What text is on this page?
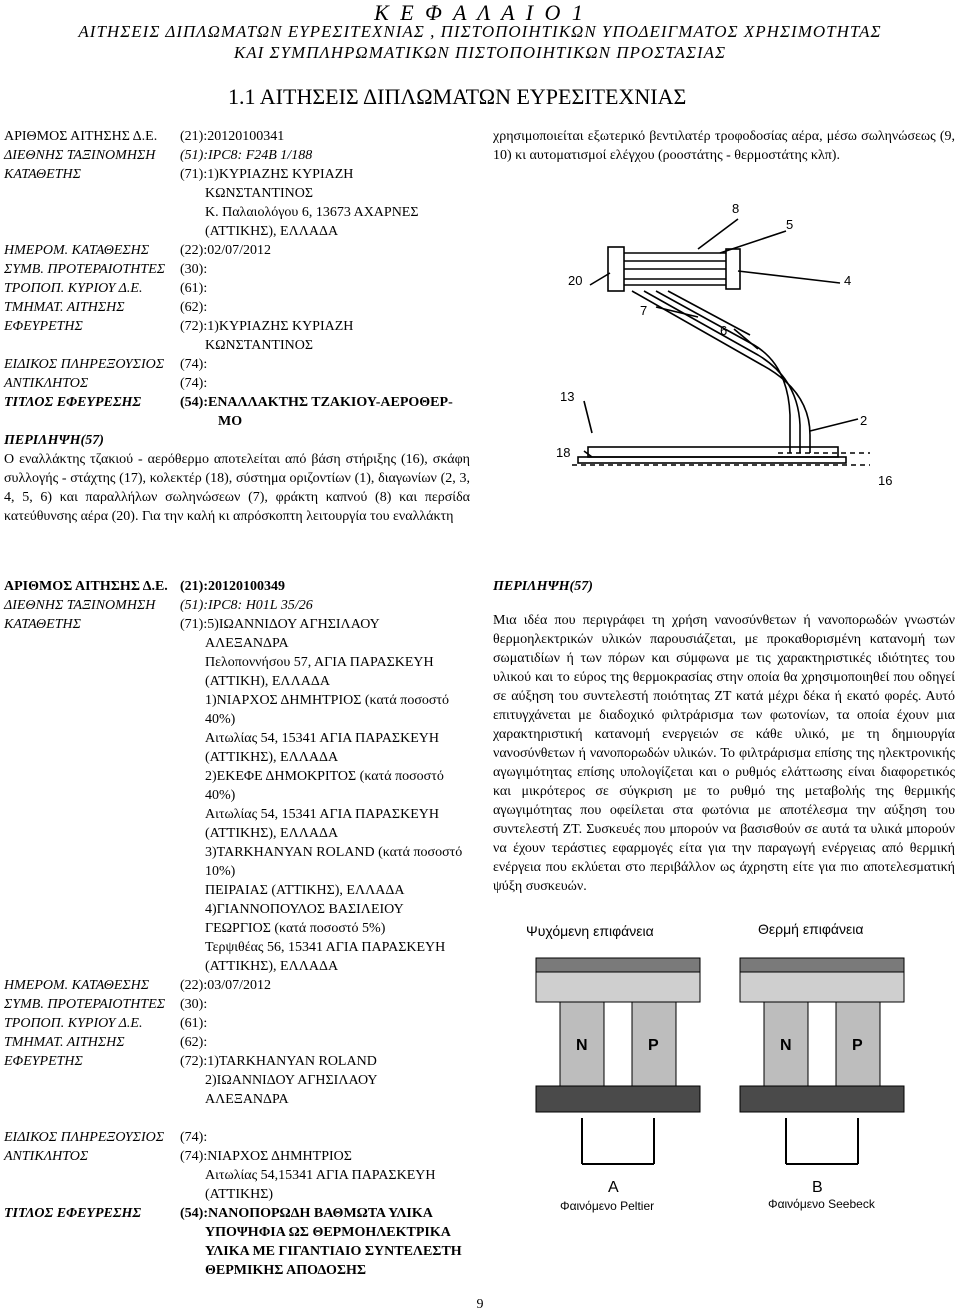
Κ Ε Φ Α Λ Α Ι Ο 1
ΑΙΤΗΣΕΙΣ ΔΙΠΛΩΜΑΤΩΝ ΕΥΡΕΣΙΤΕΧΝΙΑΣ , ΠΙΣΤΟΠΟΙΗΤΙΚΩΝ ΥΠΟΔΕΙΓΜΑΤΟΣ ΧΡΗΣΙΜΟΤΗΤΑΣ
ΚΑΙ ΣΥΜΠΛΗΡΩΜΑΤΙΚΩΝ ΠΙΣΤΟΠΟΙΗΤΙΚΩΝ ΠΡΟΣΤΑΣΙΑΣ
1.1 ΑΙΤΗΣΕΙΣ ΔΙΠΛΩΜΑΤΩΝ ΕΥΡΕΣΙΤΕΧΝΙΑΣ
ΑΡΙΘΜΟΣ ΑΙΤΗΣΗΣ Δ.Ε. (21):20120100341
ΔΙΕΘΝΗΣ ΤΑΞΙΝΟΜΗΣΗ (51):IPC8: F24B 1/188
ΚΑΤΑΘΕΤΗΣ	(71):1)ΚΥΡΙΑΖΗΣ ΚΥΡΙΑΖΗ
ΚΩΝΣΤΑΝΤΙΝΟΣ
Κ. Παλαιολόγου 6, 13673 ΑΧΑΡΝΕΣ
(ΑΤΤΙΚΗΣ), ΕΛΛΑΔΑ
ΗΜΕΡΟΜ. ΚΑΤΑΘΕΣΗΣ (22):02/07/2012
ΣΥΜΒ. ΠΡΟΤΕΡΑΙΟΤΗΤΕΣ (30):
ΤΡΟΠΟΠ. ΚΥΡΙΟΥ Δ.Ε.	(61):
ΤΜΗΜΑΤ. ΑΙΤΗΣΗΣ	(62):
ΕΦΕΥΡΕΤΗΣ	(72):1)ΚΥΡΙΑΖΗΣ ΚΥΡΙΑΖΗ
ΚΩΝΣΤΑΝΤΙΝΟΣ
ΕΙΔΙΚΟΣ ΠΛΗΡΕΞΟΥΣΙΟΣ (74):
ΑΝΤΙΚΛΗΤΟΣ	(74):
ΤΙΤΛΟΣ ΕΦΕΥΡΕΣΗΣ	(54):ΕΝΑΛΛΑΚΤΗΣ ΤΖΑΚΙΟΥ-ΑΕΡΟΘΕΡ-
ΜΟ
ΠΕΡΙΛΗΨΗ(57)
Ο εναλλάκτης τζακιού - αερόθερμο αποτελείται από βάση στήριξης (16), σκάφη συλλογής - στάχτης (17), κολεκτέρ (18), σύστημα οριζοντίων (1), διαγωνίων (2, 3, 4, 5, 6) και παραλλήλων σωληνώσεων (7), φράκτη καπνού (8) και περσίδα κατεύθυνσης αέρα (20). Για την καλή κι απρόσκοπτη λειτουργία του εναλλάκτη
χρησιμοποιείται εξωτερικό βεντιλατέρ τροφοδοσίας αέρα, μέσω σωληνώσεως (9, 10) κι αυτοματισμοί ελέγχου (ροοστάτης - θερμοστάτης κλπ).
8
5
20	4
7
6
13
2
18
16
ΑΡΙΘΜΟΣ ΑΙΤΗΣΗΣ Δ.Ε. (21):20120100349
ΔΙΕΘΝΗΣ ΤΑΞΙΝΟΜΗΣΗ (51):IPC8: H01L 35/26
ΚΑΤΑΘΕΤΗΣ	(71):5)ΙΩΑΝΝΙΔΟΥ ΑΓΗΣΙΛΑΟΥ
ΑΛΕΞΑΝΔΡΑ
Πελοποννήσου 57, ΑΓΙΑ ΠΑΡΑΣΚΕΥΗ
(ΑΤΤΙΚΗ), ΕΛΛΑΔΑ
1)ΝΙΑΡΧΟΣ ΔΗΜΗΤΡΙΟΣ (κατά ποσοστό
40%)
Αιτωλίας 54, 15341 ΑΓΙΑ ΠΑΡΑΣΚΕΥΗ
(ΑΤΤΙΚΗΣ), ΕΛΛΑΔΑ
2)ΕΚΕΦΕ ΔΗΜΟΚΡΙΤΟΣ (κατά ποσοστό
40%)
Αιτωλίας 54, 15341 ΑΓΙΑ ΠΑΡΑΣΚΕΥΗ
(ΑΤΤΙΚΗΣ), ΕΛΛΑΔΑ
3)TARKHANYAN ROLAND (κατά ποσοστό
10%)
ΠΕΙΡΑΙΑΣ (ΑΤΤΙΚΗΣ), ΕΛΛΑΔΑ
4)ΓΙΑΝΝΟΠΟΥΛΟΣ ΒΑΣΙΛΕΙΟΥ
ΓΕΩΡΓΙΟΣ (κατά ποσοστό 5%)
Τερψιθέας 56, 15341 ΑΓΙΑ ΠΑΡΑΣΚΕΥΗ
(ΑΤΤΙΚΗΣ), ΕΛΛΑΔΑ
ΗΜΕΡΟΜ. ΚΑΤΑΘΕΣΗΣ (22):03/07/2012
ΣΥΜΒ. ΠΡΟΤΕΡΑΙΟΤΗΤΕΣ (30):
ΤΡΟΠΟΠ. ΚΥΡΙΟΥ Δ.Ε.	(61):
ΤΜΗΜΑΤ. ΑΙΤΗΣΗΣ	(62):
ΕΦΕΥΡΕΤΗΣ	(72):1)TARKHANYAN ROLAND
2)ΙΩΑΝΝΙΔΟΥ ΑΓΗΣΙΛΑΟΥ
ΑΛΕΞΑΝΔΡΑ
ΕΙΔΙΚΟΣ ΠΛΗΡΕΞΟΥΣΙΟΣ (74):
ΑΝΤΙΚΛΗΤΟΣ	(74):ΝΙΑΡΧΟΣ ΔΗΜΗΤΡΙΟΣ
Αιτωλίας 54,15341 ΑΓΙΑ ΠΑΡΑΣΚΕΥΗ
(ΑΤΤΙΚΗΣ)
ΤΙΤΛΟΣ ΕΦΕΥΡΕΣΗΣ	(54):ΝΑΝΟΠΟΡΩΔΗ ΒΑΘΜΩΤΑ ΥΛΙΚΑ
ΥΠΟΨΗΦΙΑ ΩΣ ΘΕΡΜΟΗΛΕΚΤΡΙΚΑ
ΥΛΙΚΑ ΜΕ ΓΙΓΑΝΤΙΑΙΟ ΣΥΝΤΕΛΕΣΤΗ
ΘΕΡΜΙΚΗΣ ΑΠΟΔΟΣΗΣ
ΠΕΡΙΛΗΨΗ(57)
Μια ιδέα που περιγράφει τη χρήση νανοσύνθετων ή νανοπορωδών γνωστών θερμοηλεκτρικών υλικών παρουσιάζεται, με προκαθορισμένη κατανομή των σωματιδίων ή των πόρων και σύμφωνα με τις χαρακτηριστικές ιδιότητες του υλικού και το εύρος της θερμοκρασίας στην οποία θα χρησιμοποιηθεί που οδηγεί σε αύξηση του συντελεστή ποιότητας ΖΤ κατά μέχρι δέκα ή εκατό φορές. Αυτό επιτυγχάνεται με διαδοχικό φιλτράρισμα των φωτονίων, τα οποία έχουν μια χαρακτηριστική κατανομή ενεργειών σε κάθε υλικό, με τη δημιουργία νανοσύνθετων ή νανοπορωδών υλικών. Το φιλτράρισμα επίσης της ηλεκτρονικής αγωγιμότητας επίσης υπολογίζεται και ο ρυθμός ελάττωσης είναι διαφορετικός και μικρότερος σε σύγκριση με το ρυθμό της μεταβολής της θερμικής αγωγιμότητας που οφείλεται στα φωτόνια με αποτέλεσμα την αύξηση του συντελεστή ΖΤ. Συσκευές που μπορούν να βασισθούν σε αυτά τα υλικά μπορούν να έχουν τεράστιες εφαρμογές είτα για την παραγωγή ενέργειας από θερμική ενέργεια που εκλύεται στο περιβάλλον ως άχρηστη είτε για πιο αποτελεσματική ψύξη συσκευών.
Ψυχόμενη επιφάνεια	Θερμή επιφάνεια
N	P
A
N	P
B
Φαινόμενο Peltier	Φαινόμενο Seebeck
9
